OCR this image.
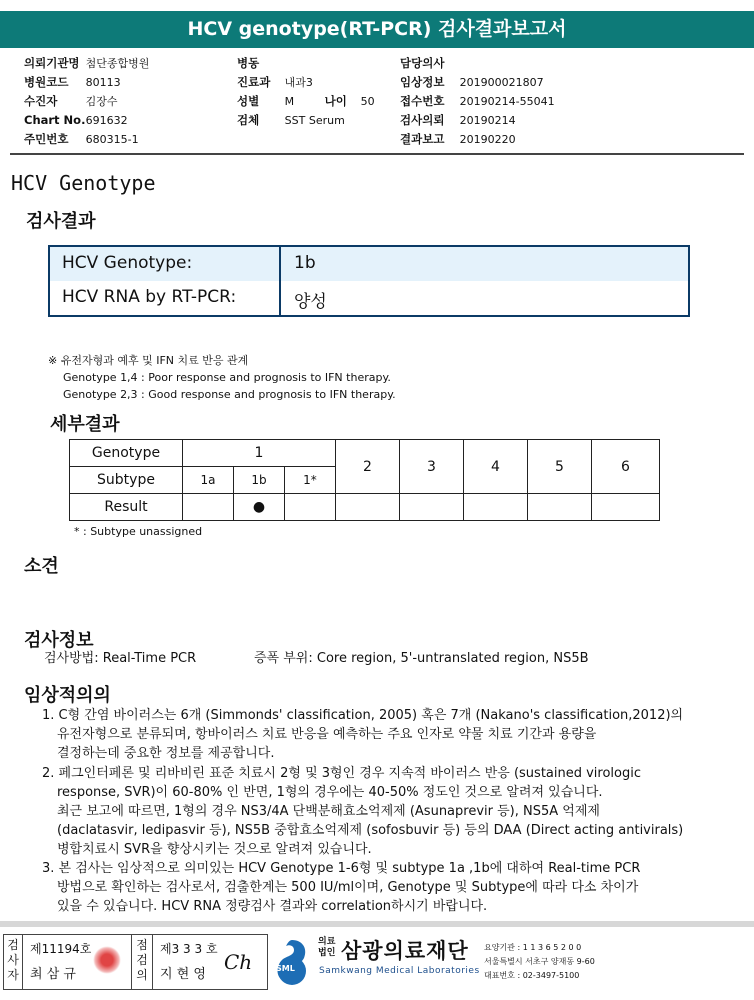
HCV genotype(RT-PCR) 검사결과보고서
의뢰기관명 첨단종합병원
병원코드 80113
수진자	김장수
Chart No. 691632
주민번호 680315-1
병동
진료과 내과3
성별 M	나이 50
검체 SST Serum
담당의사
임상정보 201900021807
접수번호 20190214-55041
검사의뢰 20190214
결과보고 20190220
HCV Genotype
검사결과
HCV Genotype:	1b
HCV RNA by RT-PCR:	양성
※ 유전자형과 예후 및 IFN 치료 반응 관계
Genotype 1,4 : Poor response and prognosis to IFN therapy.
Genotype 2,3 : Good response and prognosis to IFN therapy.
세부결과
Genotype	1			2	3	4	5	6
Subtype	1a	1b	1*					
Result		●						
* : Subtype unassigned
소견
검사정보
검사방법: Real-Time PCR	증폭 부위: Core region, 5'-untranslated region, NS5B
임상적의의
1. C형 간염 바이러스는 6개 (Simmonds' classification, 2005) 혹은 7개 (Nakano's classification,2012)의
유전자형으로 분류되며, 항바이러스 치료 반응을 예측하는 주요 인자로 약물 치료 기간과 용량을
결정하는데 중요한 정보를 제공합니다.
2. 페그인터페론 및 리바비린 표준 치료시 2형 및 3형인 경우 지속적 바이러스 반응 (sustained virologic
response, SVR)이 60-80% 인 반면, 1형의 경우에는 40-50% 정도인 것으로 알려져 있습니다.
최근 보고에 따르면, 1형의 경우 NS3/4A 단백분해효소억제제 (Asunaprevir 등), NS5A 억제제
(daclatasvir, ledipasvir 등), NS5B 중합효소억제제 (sofosbuvir 등) 등의 DAA (Direct acting antivirals)
병합치료시 SVR을 향상시키는 것으로 알려져 있습니다.
3. 본 검사는 임상적으로 의미있는 HCV Genotype 1-6형 및 subtype 1a ,1b에 대하여 Real-time PCR
방법으로 확인하는 검사로서, 검출한계는 500 IU/ml이며, Genotype 및 Subtype에 따라 다소 차이가
있을 수 있습니다. HCV RNA 정량검사 결과와 correlation하시기 바랍니다.
검사자
제11194호
최 삼 규
점검의
제3 3 3 호
지 현 영
Ch	SML
의료
법인 삼광의료재단
Samkwang Medical Laboratories
요양기관 : 1 1 3 6 5 2 0 0
서울특별시 서초구 양재동 9-60
대표번호 : 02-3497-5100
